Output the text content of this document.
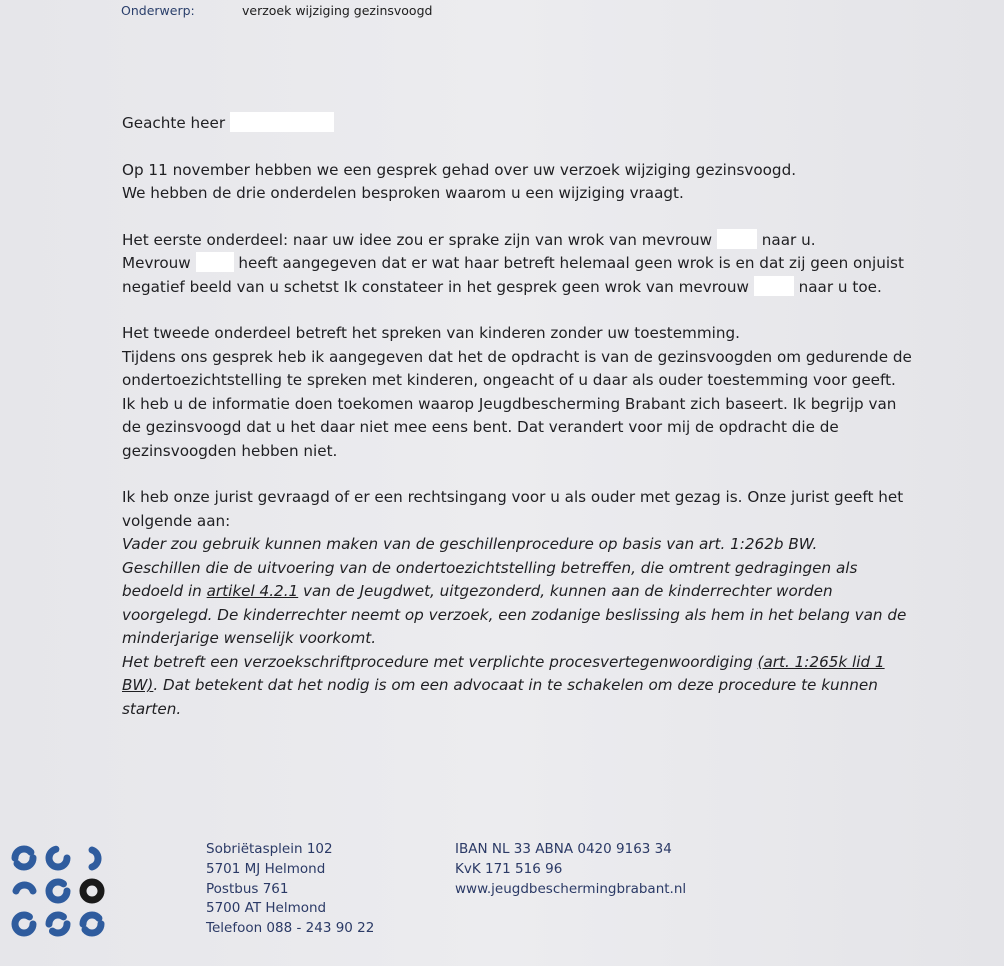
Onderwerp:	verzoek wijziging gezinsvoogd

Geachte heer

Op 11 november hebben we een gesprek gehad over uw verzoek wijziging gezinsvoogd.

We hebben de drie onderdelen besproken waarom u een wijziging vraagt.

Het eerste onderdeel: naar uw idee zou er sprake zijn van wrok van mevrouw	naar u.

Mevrouw	heeft aangegeven dat er wat haar betreft helemaal geen wrok is en dat zij geen onjuist

negatief beeld van u schetst Ik constateer in het gesprek geen wrok van mevrouw	naar u toe.

Het tweede onderdeel betreft het spreken van kinderen zonder uw toestemming.

Tijdens ons gesprek heb ik aangegeven dat het de opdracht is van de gezinsvoogden om gedurende de

ondertoezichtstelling te spreken met kinderen, ongeacht of u daar als ouder toestemming voor geeft.

Ik heb u de informatie doen toekomen waarop Jeugdbescherming Brabant zich baseert. Ik begrijp van

de gezinsvoogd dat u het daar niet mee eens bent. Dat verandert voor mij de opdracht die de

gezinsvoogden hebben niet.

Ik heb onze jurist gevraagd of er een rechtsingang voor u als ouder met gezag is. Onze jurist geeft het

volgende aan:

Vader zou gebruik kunnen maken van de geschillenprocedure op basis van art. 1:262b BW.

Geschillen die de uitvoering van de ondertoezichtstelling betreffen, die omtrent gedragingen als

bedoeld in artikel 4.2.1 van de Jeugdwet, uitgezonderd, kunnen aan de kinderrechter worden

voorgelegd. De kinderrechter neemt op verzoek, een zodanige beslissing als hem in het belang van de

minderjarige wenselijk voorkomt.

Het betreft een verzoekschriftprocedure met verplichte procesvertegenwoordiging (art. 1:265k lid 1

BW). Dat betekent dat het nodig is om een advocaat in te schakelen om deze procedure te kunnen

starten.

Sobriëtasplein 102
5701 MJ Helmond
Postbus 761
5700 AT Helmond
Telefoon 088 - 243 90 22
IBAN NL 33 ABNA 0420 9163 34
KvK 171 516 96
www.jeugdbeschermingbrabant.nl
